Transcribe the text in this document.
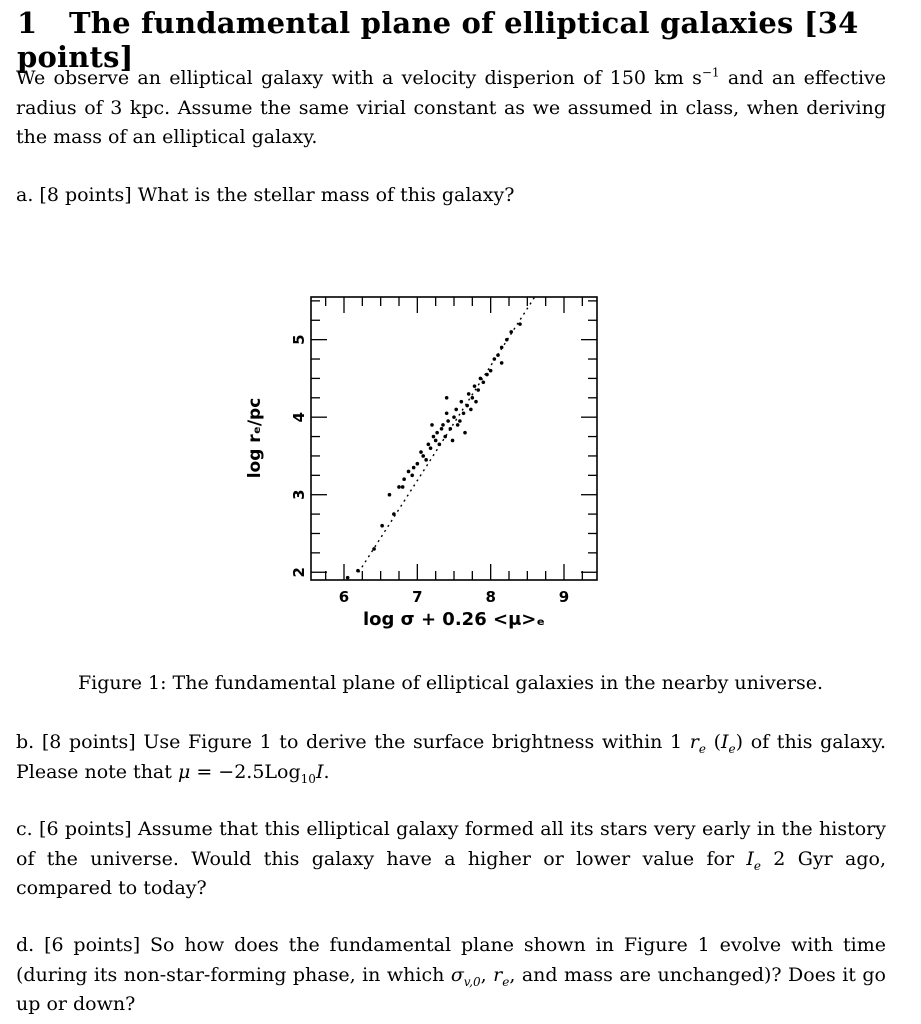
1 The fundamental plane of elliptical galaxies [34 points]
We observe an elliptical galaxy with a velocity disperion of 150 km $s^{-1}$ and an effective radius of 3 kpc. Assume the same virial constant as we assumed in class, when deriving the mass of an elliptical galaxy.
a. [8 points] What is the stellar mass of this galaxy?
6	7	8	9
2
3
4
5
log σ + 0.26 <μ>ₑ
log rₑ/pc
Figure 1: The fundamental plane of elliptical galaxies in the nearby universe.
b. [8 points] Use Figure 1 to derive the surface brightness within 1 $r_e$ $(I_e)$ of this galaxy. Please note that μ = −2.5Log$_{10}$I.
c. [6 points] Assume that this elliptical galaxy formed all its stars very early in the history of the universe. Would this galaxy have a higher or lower value for $I_e$ 2 Gyr ago, compared to today?
d. [6 points] So how does the fundamental plane shown in Figure 1 evolve with time (during its non-star-forming phase, in which $\sigma_{v,0}$, $r_e$, and mass are unchanged)? Does it go up or down?
